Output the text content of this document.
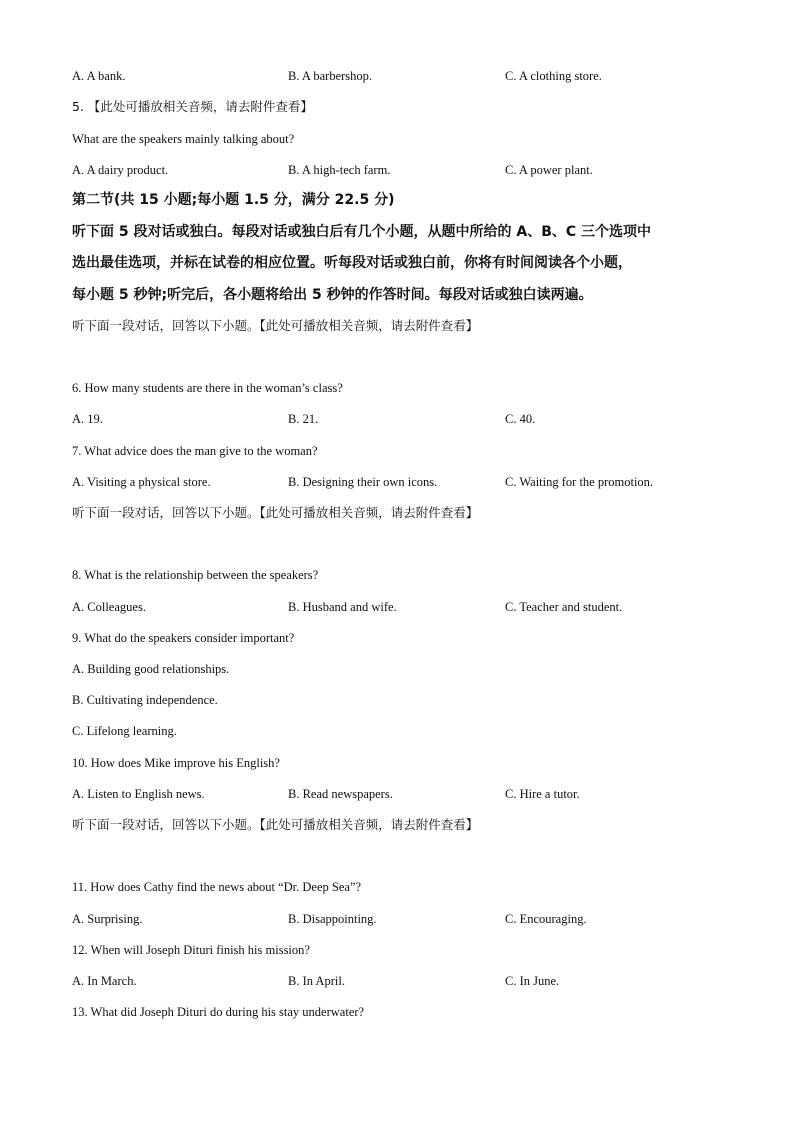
A. A bank.	B. A barbershop.	C. A clothing store.
5. 【此处可播放相关音频，请去附件查看】
What are the speakers mainly talking about?
A. A dairy product.	B. A high-tech farm.	C. A power plant.
第二节(共 15 小题;每小题 1.5 分，满分 22.5 分)
听下面 5 段对话或独白。每段对话或独白后有几个小题，从题中所给的 A、B、C 三个选项中
选出最佳选项，并标在试卷的相应位置。听每段对话或独白前，你将有时间阅读各个小题，
每小题 5 秒钟;听完后，各小题将给出 5 秒钟的作答时间。每段对话或独白读两遍。
听下面一段对话，回答以下小题。【此处可播放相关音频，请去附件查看】
6. How many students are there in the woman’s class?
A. 19.	B. 21.	C. 40.
7. What advice does the man give to the woman?
A. Visiting a physical store.	B. Designing their own icons.	C. Waiting for the promotion.
听下面一段对话，回答以下小题。【此处可播放相关音频，请去附件查看】
8. What is the relationship between the speakers?
A. Colleagues.	B. Husband and wife.	C. Teacher and student.
9. What do the speakers consider important?
A. Building good relationships.
B. Cultivating independence.
C. Lifelong learning.
10. How does Mike improve his English?
A. Listen to English news.	B. Read newspapers.	C. Hire a tutor.
听下面一段对话，回答以下小题。【此处可播放相关音频，请去附件查看】
11. How does Cathy find the news about “Dr. Deep Sea”?
A. Surprising.	B. Disappointing.	C. Encouraging.
12. When will Joseph Dituri finish his mission?
A. In March.	B. In April.	C. In June.
13. What did Joseph Dituri do during his stay underwater?
